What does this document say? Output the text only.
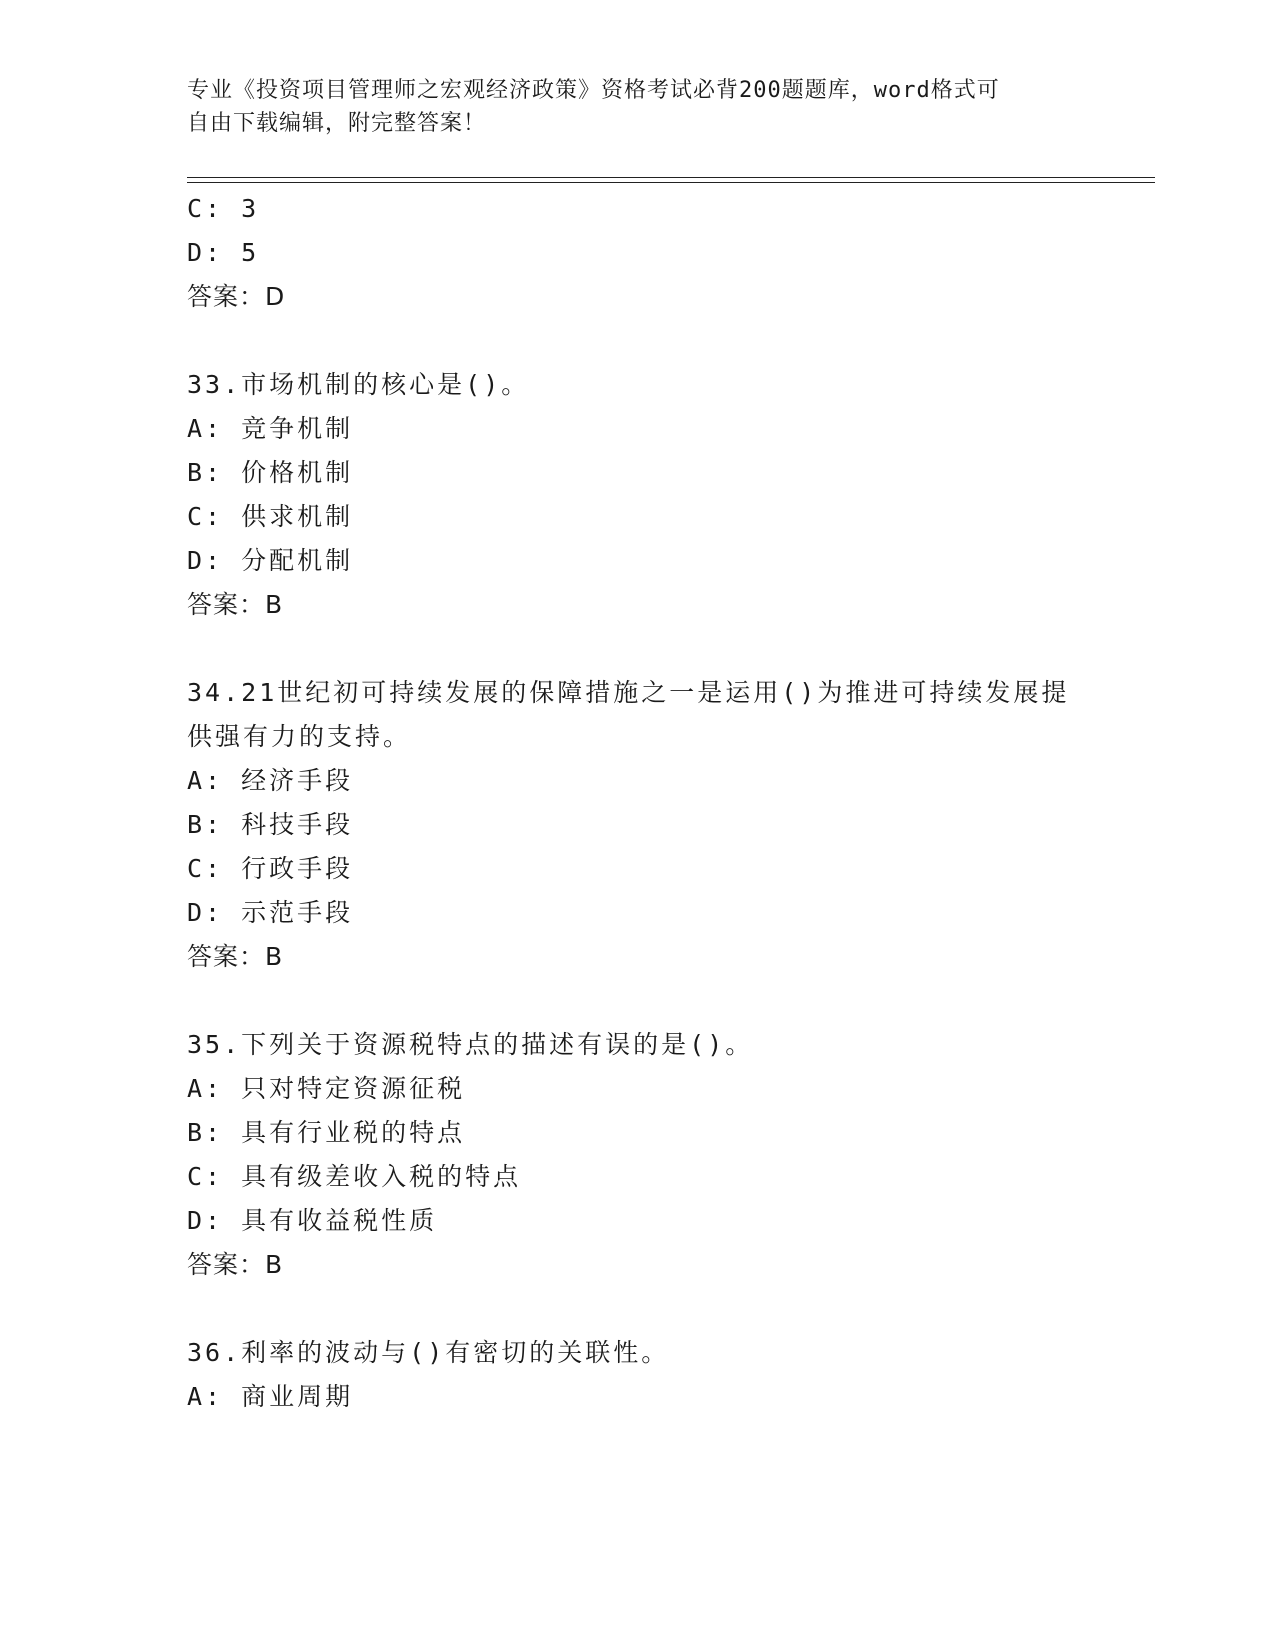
专业《投资项目管理师之宏观经济政策》资格考试必背200题题库，word格式可
自由下载编辑，附完整答案！
C: 3
D: 5
答案：D
33.市场机制的核心是()。
A: 竞争机制
B: 价格机制
C: 供求机制
D: 分配机制
答案：B
34.21世纪初可持续发展的保障措施之一是运用()为推进可持续发展提
供强有力的支持。
A: 经济手段
B: 科技手段
C: 行政手段
D: 示范手段
答案：B
35.下列关于资源税特点的描述有误的是()。
A: 只对特定资源征税
B: 具有行业税的特点
C: 具有级差收入税的特点
D: 具有收益税性质
答案：B
36.利率的波动与()有密切的关联性。
A: 商业周期
